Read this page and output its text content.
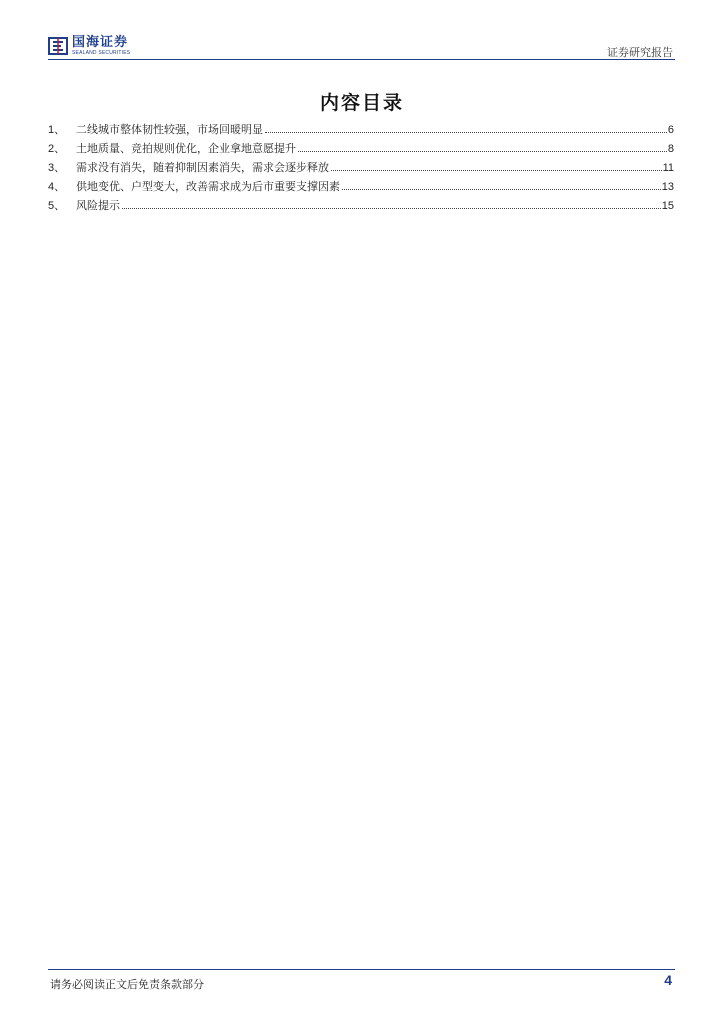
国海证券
SEALAND SECURITIES	证券研究报告
内容目录
1、 二线城市整体韧性较强，市场回暖明显	6
2、 土地质量、竞拍规则优化，企业拿地意愿提升	8
3、 需求没有消失，随着抑制因素消失，需求会逐步释放	11
4、 供地变优、户型变大，改善需求成为后市重要支撑因素	13
5、 风险提示	15
请务必阅读正文后免责条款部分	4
